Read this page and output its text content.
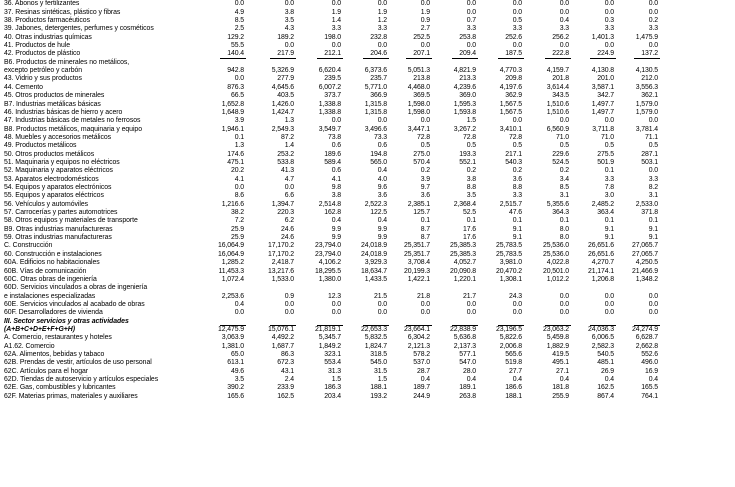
36. Abonos y fertilizantes	0.0	0.0	0.0	0.0	0.0	0.0	0.0	0.0	0.0	0.0
37. Resinas sintéticas, plástico y fibras	4.9	3.8	1.9	1.9	1.9	0.0	0.0	0.0	0.0	0.0
38. Productos farmacéuticos	8.5	3.5	1.4	1.2	0.9	0.7	0.5	0.4	0.3	0.2
39. Jabones, detergentes, perfumes y cosméticos	2.5	4.3	3.3	3.3	2.7	3.3	3.3	3.3	3.3	3.3
40. Otras industrias químicas	129.2	189.2	198.0	232.8	252.5	253.8	252.6	256.2	1,401.3	1,475.9
41. Productos de hule	55.5	0.0	0.0	0.0	0.0	0.0	0.0	0.0	0.0	0.0
42. Productos de plástico	140.4	217.9	212.1	204.6	207.1	209.4	187.5	222.8	224.9	137.2
B6. Productos de minerales no metálicos,
excepto petróleo y carbón	942.8	5,326.9	6,620.4	6,373.6	5,051.3	4,821.9	4,770.3	4,159.7	4,130.8	4,130.5
43. Vidrio y sus productos	0.0	277.9	239.5	235.7	213.8	213.3	209.8	201.8	201.0	212.0
44. Cemento	876.3	4,645.6	6,007.2	5,771.0	4,468.0	4,239.6	4,197.6	3,614.4	3,587.1	3,556.3
45. Otros productos de minerales	66.5	403.5	373.7	366.9	369.5	369.0	362.9	343.5	342.7	362.1
B7. Industrias metálicas básicas	1,652.8	1,426.0	1,338.8	1,315.8	1,598.0	1,595.3	1,567.5	1,510.6	1,497.7	1,579.0
46. Industrias básicas de hierro y acero	1,648.9	1,424.7	1,338.8	1,315.8	1,598.0	1,593.8	1,567.5	1,510.6	1,497.7	1,579.0
47. Industrias básicas de metales no ferrosos	3.9	1.3	0.0	0.0	0.0	1.5	0.0	0.0	0.0	0.0
B8. Productos metálicos, maquinaria y equipo	1,946.1	2,549.3	3,549.7	3,496.6	3,447.1	3,267.2	3,410.1	6,560.9	3,711.8	3,781.4
48. Muebles y accesorios metálicos	0.1	87.2	73.8	73.3	72.8	72.8	72.8	71.0	71.0	71.1
49. Productos metálicos	1.3	1.4	0.6	0.6	0.5	0.5	0.5	0.5	0.5	0.5
50. Otros productos metálicos	174.6	253.2	189.6	194.8	275.0	193.3	217.1	229.6	275.5	287.1
51. Maquinaria y equipos no eléctricos	475.1	533.8	589.4	565.0	570.4	552.1	540.3	524.5	501.9	503.1
52. Maquinaria y aparatos eléctricos	20.2	41.3	0.6	0.4	0.2	0.2	0.2	0.2	0.1	0.0
53. Aparatos electrodomésticos	4.1	4.7	4.1	4.0	3.9	3.8	3.6	3.4	3.3	3.3
54. Equipos y aparatos electrónicos	0.0	0.0	9.8	9.6	9.7	8.8	8.8	8.5	7.8	8.2
55. Equipos y aparatos eléctricos	8.6	6.6	3.8	3.6	3.6	3.5	3.3	3.1	3.0	3.1
56. Vehículos y automóviles	1,216.6	1,394.7	2,514.8	2,522.3	2,385.1	2,368.4	2,515.7	5,355.6	2,485.2	2,533.0
57. Carrocerías y partes automotrices	38.2	220.3	162.8	122.5	125.7	52.5	47.6	364.3	363.4	371.8
58. Otros equipos y materiales de transporte	7.2	6.2	0.4	0.4	0.1	0.1	0.1	0.1	0.1	0.1
B9. Otras industrias manufactureras	25.9	24.6	9.9	9.9	8.7	17.6	9.1	8.0	9.1	9.1
59. Otras industrias manufactureras	25.9	24.6	9.9	9.9	8.7	17.6	9.1	8.0	9.1	9.1
C. Construcción	16,064.9	17,170.2	23,794.0	24,018.9	25,351.7	25,385.3	25,783.5	25,536.0	26,651.6	27,065.7
60. Construcción e instalaciones	16,064.9	17,170.2	23,794.0	24,018.9	25,351.7	25,385.3	25,783.5	25,536.0	26,651.6	27,065.7
60A. Edificios no habitacionales	1,285.2	2,418.7	4,106.2	3,929.3	3,708.4	4,052.7	3,981.0	4,022.8	4,270.7	4,250.5
60B. Vías de comunicación	11,453.3	13,217.6	18,295.5	18,634.7	20,199.3	20,090.8	20,470.2	20,501.0	21,174.1	21,466.9
60C. Otras obras de ingeniería	1,072.4	1,533.0	1,380.0	1,433.5	1,422.1	1,220.1	1,308.1	1,012.2	1,206.8	1,348.2
60D. Servicios vinculados a obras de ingeniería
e instalaciones especializadas	2,253.6	0.9	12.3	21.5	21.8	21.7	24.3	0.0	0.0	0.0
60E. Servicios vinculados al acabado de obras	0.4	0.0	0.0	0.0	0.0	0.0	0.0	0.0	0.0	0.0
60F. Desarrolladores de vivienda	0.0	0.0	0.0	0.0	0.0	0.0	0.0	0.0	0.0	0.0
III. Sector servicios y otras actividades
(A+B+C+D+E+F+G+H)	12,475.9	15,076.1	21,819.1	22,653.3	23,664.1	22,838.9	23,196.5	23,063.2	24,036.3	24,274.9
A. Comercio, restaurantes y hoteles	3,063.9	4,492.2	5,345.7	5,832.5	6,304.2	5,636.8	5,822.6	5,459.8	6,006.5	6,628.7
A1.62. Comercio	1,381.0	1,687.7	1,849.2	1,824.7	2,121.3	2,137.3	2,006.8	1,882.9	2,582.3	2,662.8
62A. Alimentos, bebidas y tabaco	65.0	86.3	323.1	318.5	578.2	577.1	565.6	419.5	540.5	552.6
62B. Prendas de vestir, artículos de uso personal	613.1	672.3	553.4	545.0	537.0	547.0	519.8	495.1	485.1	496.0
62C. Artículos para el hogar	49.6	43.1	31.3	31.5	28.7	28.0	27.7	27.1	26.9	16.9
62D. Tiendas de autoservicio y artículos especiales	3.5	2.4	1.5	1.5	0.4	0.4	0.4	0.4	0.4	0.4
62E. Gas, combustibles y lubricantes	390.2	233.9	186.3	188.1	189.7	189.1	186.6	181.8	162.5	165.5
62F. Materias primas, materiales y auxiliares	165.6	162.5	203.4	193.2	244.9	263.8	188.1	255.9	867.4	764.1
